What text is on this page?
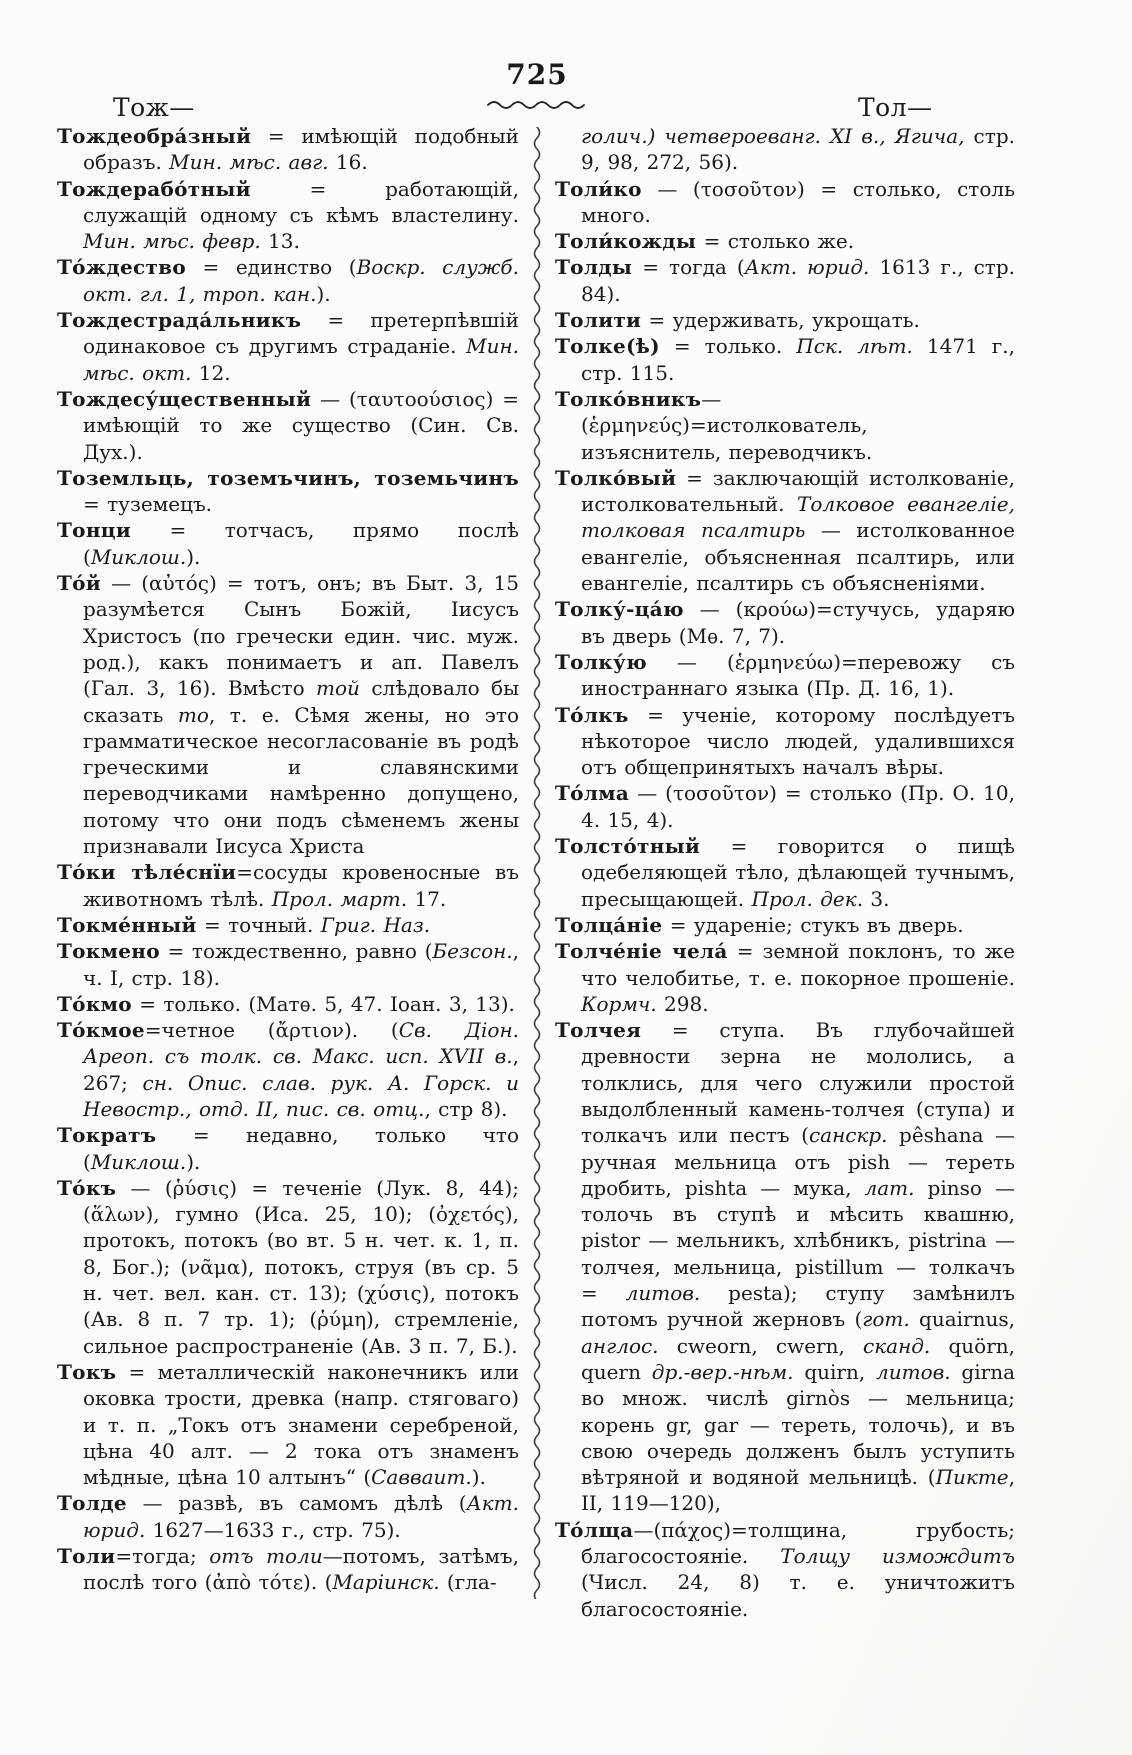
725
Тож—	Тол—

Тождеобра́зный = имѣющій подобный образъ. Мин. мѣс. авг. 16.

Тождерабо́тный = работающій, служащій одному съ кѣмъ властелину. Мин. мѣс. февр. 13.

То́ждество = единство (Воскр. служб. окт. гл. 1, троп. кан.).

Тождестрада́льникъ = претерпѣвшій одинаковое съ другимъ страданіе. Мин. мѣс. окт. 12.

Тождесу́щественный — (ταυτοούσιος) = имѣющій то же существо (Син. Св. Дух.).

Тоземльць, тоземъчинъ, тоземьчинъ = туземецъ.

Тонци = тотчасъ, прямо послѣ (Миклош.).

То́й — (αὐτός) = тотъ, онъ; въ Быт. 3, 15 разумѣется Сынъ Божій, Іисусъ Христосъ (по гречески един. чис. муж. род.), какъ понимаетъ и ап. Павелъ (Гал. 3, 16). Вмѣсто той слѣдовало бы сказать то, т. е. Сѣмя жены, но это грамматическое несогласованіе въ родѣ греческими и славянскими переводчиками намѣренно допущено, потому что они подъ сѣменемъ жены признавали Іисуса Христа

То́ки тѣле́снїи=сосуды кровеносные въ животномъ тѣлѣ. Прол. март. 17.

Токме́нный = точный. Григ. Наз.

Токмено = тождественно, равно (Безсон., ч. I, стр. 18).

То́кмо = только. (Матѳ. 5, 47. Іоан. 3, 13).

То́кмое=четное (ἄρτιον). (Св. Діон. Ареоп. съ толк. св. Макс. исп. XVII в., 267; сн. Опис. слав. рук. А. Горск. и Невостр., отд. II, пис. св. отц., стр 8).

Тократъ = недавно, только что (Миклош.).

То́къ — (ῥύσις) = теченіе (Лук. 8, 44); (ἅλων), гумно (Иса. 25, 10); (ὀχετός), протокъ, потокъ (во вт. 5 н. чет. к. 1, п. 8, Бог.); (νᾶμα), потокъ, струя (въ ср. 5 н. чет. вел. кан. ст. 13); (χύσις), потокъ (Ав. 8 п. 7 тр. 1); (ῥύμη), стремленіе, сильное распространеніе (Ав. 3 п. 7, Б.).

Токъ = металлическій наконечникъ или оковка трости, древка (напр. стяговаго) и т. п. „Токъ отъ знамени серебреной, цѣна 40 алт. — 2 тока отъ знаменъ мѣдные, цѣна 10 алтынъ“ (Савваит.).

Толде — развѣ, въ самомъ дѣлѣ (Акт. юрид. 1627—1633 г., стр. 75).

Толи=тогда; отъ толи—потомъ, затѣмъ, послѣ того (ἀπὸ τότε). (Маріинск. (гла-

голич.) четвероеванг. XI в., Ягича, стр. 9, 98, 272, 56).

Толи́ко — (τοσοῦτον) = столько, столь много.

Толи́кожды = столько же.

Толды = тогда (Акт. юрид. 1613 г., стр. 84).

Толити = удерживать, укрощать.

Толке(ѣ) = только. Пск. лѣт. 1471 г., стр. 115.

Толко́вникъ— (ἑρμηνεύς)=истолкователь, изъяснитель, переводчикъ.

Толко́вый = заключающій истолкованіе, истолковательный. Толковое евангеліе, толковая псалтирь — истолкованное евангеліе, объясненная псалтирь, или евангеліе, псалтирь съ объясненіями.

Толку́-ца́ю — (κρούω)=стучусь, ударяю въ дверь (Мѳ. 7, 7).

Толку́ю — (ἑρμηνεύω)=перевожу съ иностраннаго языка (Пр. Д. 16, 1).

То́лкъ = ученіе, которому послѣдуетъ нѣкоторое число людей, удалившихся отъ общепринятыхъ началъ вѣры.

То́лма — (τοσοῦτον) = столько (Пр. О. 10, 4. 15, 4).

Толсто́тный = говорится о пищѣ одебеляющей тѣло, дѣлающей тучнымъ, пресыщающей. Прол. дек. 3.

Толца́ніе = удареніе; стукъ въ дверь.

Толче́ніе чела́ = земной поклонъ, то же что челобитье, т. е. покорное прошеніе. Кормч. 298.

Толчея = ступа. Въ глубочайшей древности зерна не мололись, а толклись, для чего служили простой выдолбленный камень-толчея (ступа) и толкачъ или пестъ (санскр. pêshana — ручная мельница отъ pish — тереть дробить, pishta — мука, лат. pinso — толочь въ ступѣ и мѣсить квашню, pistor — мельникъ, хлѣбникъ, pistrina — толчея, мельница, pistillum — толкачъ = литов. pesta); ступу замѣнилъ потомъ ручной жерновъ (гот. quairnus, англос. cweorn, cwern, сканд. quörn, quern др.-вер.-нѣм. quirn, литов. girna во множ. числѣ girnòs — мельница; корень gr, gar — тереть, толочь), и въ свою очередь долженъ былъ уступить вѣтряной и водяной мельницѣ. (Пикте, II, 119—120),

То́лща—(πάχος)=толщина, грубость; благосостояніе. Толщу измождитъ (Числ. 24, 8) т. е. уничтожитъ благосостояніе.
